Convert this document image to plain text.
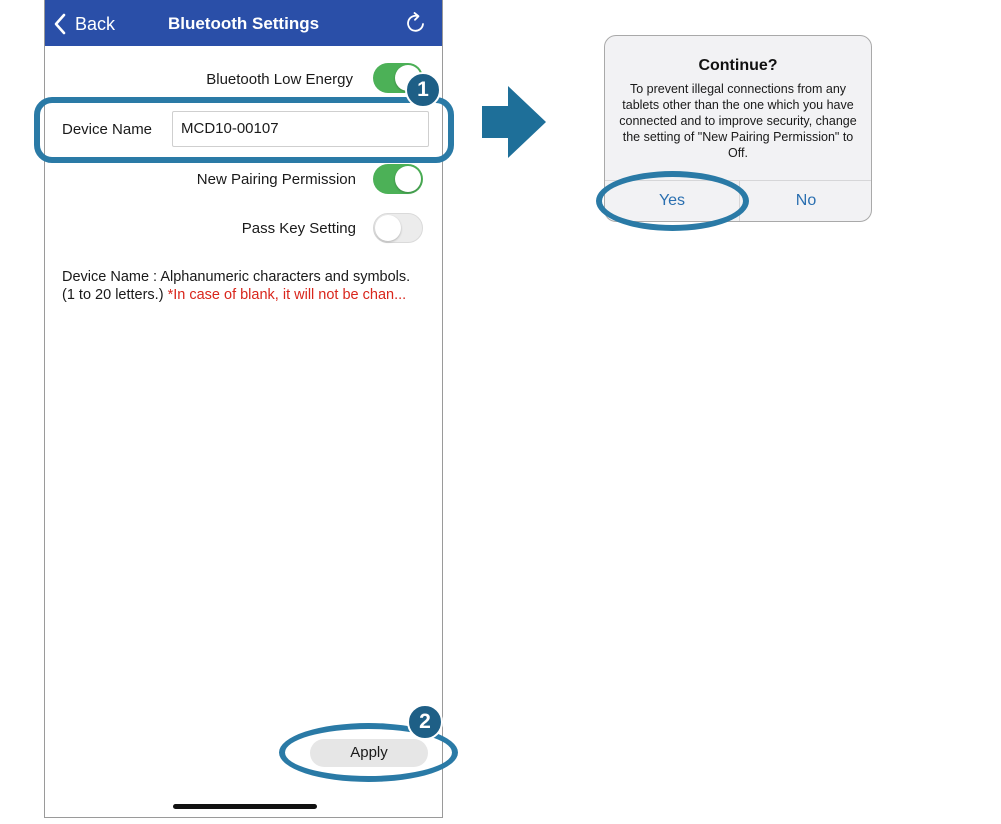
Back	Bluetooth Settings
Bluetooth Low Energy
Device Name	MCD10-00107
New Pairing Permission
Pass Key Setting
Device Name : Alphanumeric characters and symbols.
(1 to 20 letters.) *In case of blank, it will not be chan...
Apply
1
2
Continue?
To prevent illegal connections from any tablets other than the one which you have connected and to improve security, change the setting of "New Pairing Permission" to Off.
Yes	No
